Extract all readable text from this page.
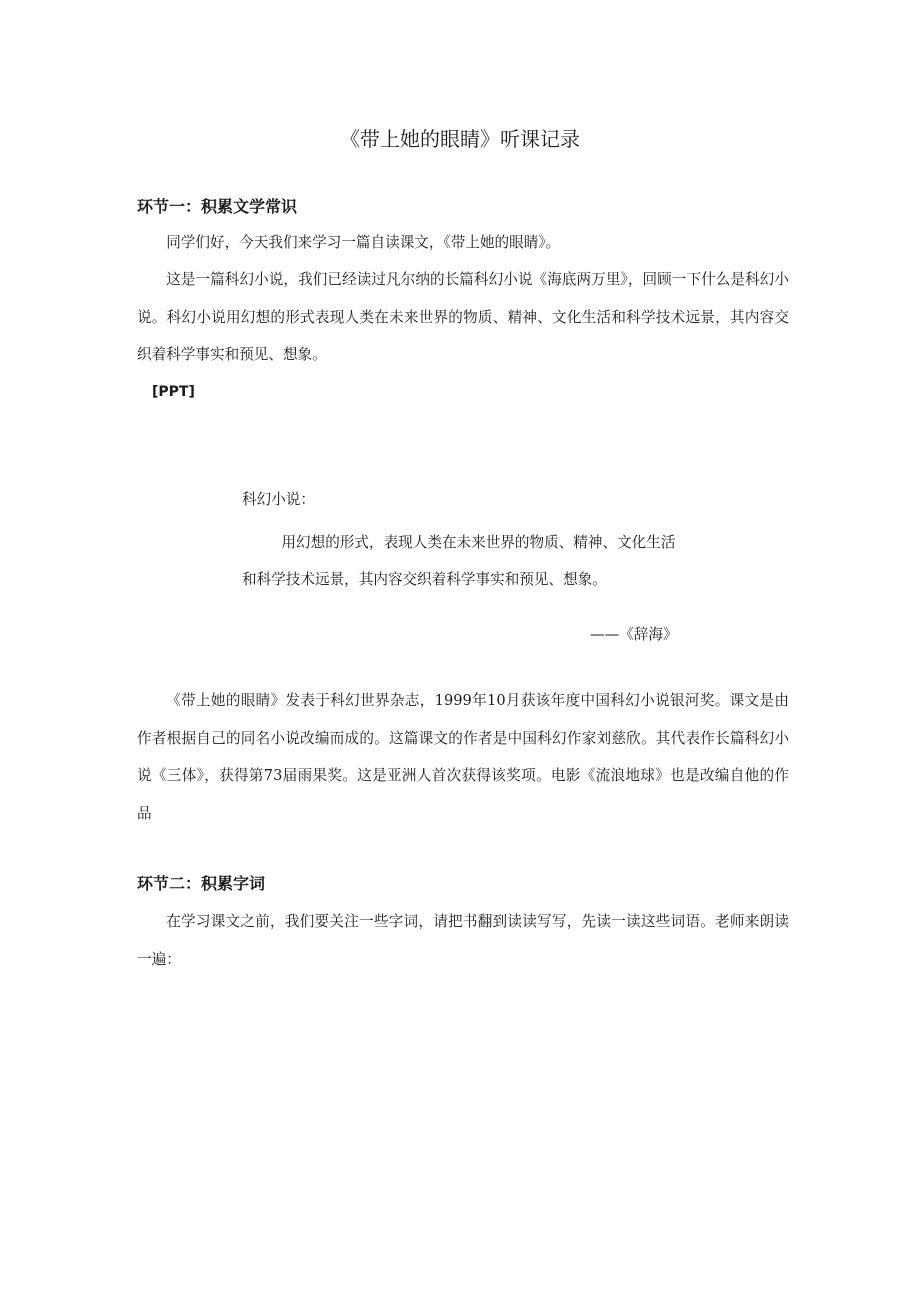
《带上她的眼睛》听课记录
环节一：积累文学常识
同学们好，今天我们来学习一篇自读课文，《带上她的眼睛》。
这是一篇科幻小说，我们已经读过凡尔纳的长篇科幻小说《海底两万里》，回顾一下什么是科幻小说。科幻小说用幻想的形式表现人类在未来世界的物质、精神、文化生活和科学技术远景，其内容交织着科学事实和预见、想象。
[PPT]
科幻小说：
用幻想的形式，表现人类在未来世界的物质、精神、文化生活和科学技术远景，其内容交织着科学事实和预见、想象。
——《辞海》
《带上她的眼睛》发表于科幻世界杂志，1999年10月获该年度中国科幻小说银河奖。课文是由作者根据自己的同名小说改编而成的。这篇课文的作者是中国科幻作家刘慈欣。其代表作长篇科幻小说《三体》，获得第73届雨果奖。这是亚洲人首次获得该奖项。电影《流浪地球》也是改编自他的作品
环节二：积累字词
在学习课文之前，我们要关注一些字词，请把书翻到读读写写，先读一读这些词语。老师来朗读一遍：
